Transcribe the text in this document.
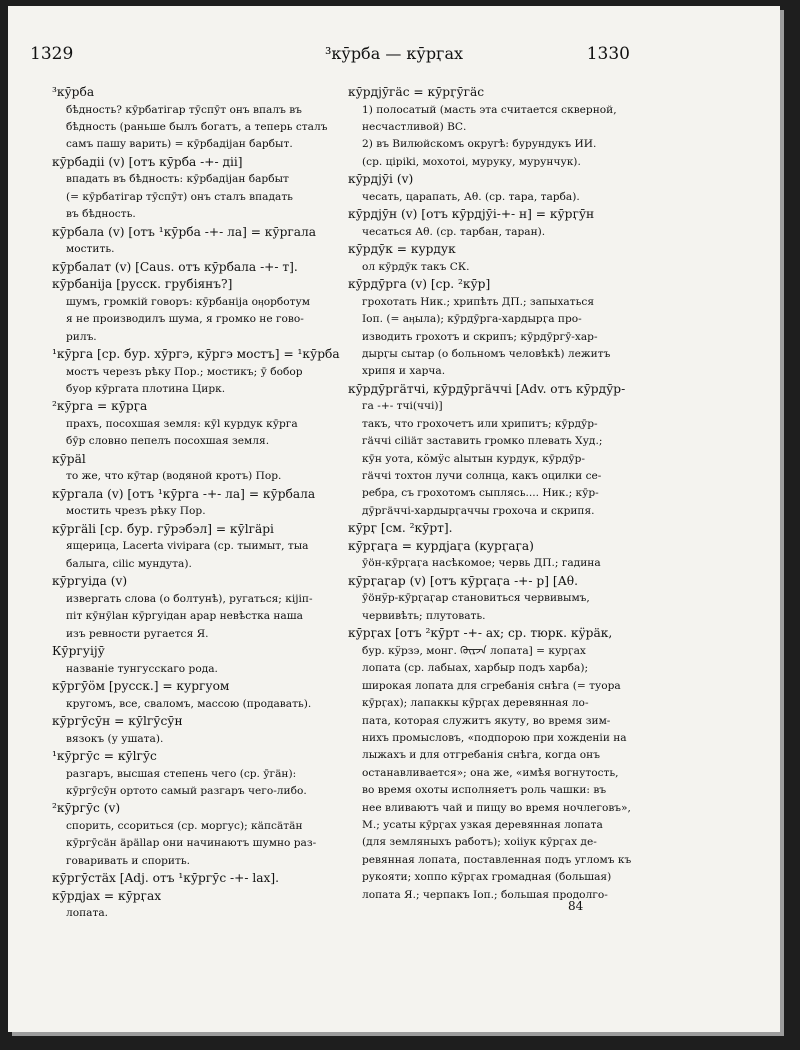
1329	³кӯрба — кӯрӷах	1330

³кӯрба

бѣдность? кӯрбатігар тӯспӯт онъ впалъ въ

бѣдность (раньше былъ богатъ, а теперь сталъ

самъ пашу варить) = кӯрбадіјан барбыт.

кӯрбадіі (v) [отъ кӯрба -+- діі]

впадать въ бѣдность: кӯрбадіјан барбыт

(= кӯрбатігар тӯспӯт) онъ сталъ впадать

въ бѣдность.

кӯрбала (v) [отъ ¹кӯрба -+- ла] = кӯргала

мостить.

кӯрбалат (v) [Caus. отъ кӯрбала -+- т].

кӯрбаніја [русск. грубіянъ?]

шумъ, громкій говоръ: кӯрбаніја оӊорботум

я не производилъ шума, я громко не гово-

рилъ.

¹кӯрга [ср. бур. хӯргэ, кӯргэ мостъ] = ¹кӯрба

мостъ черезъ рѣку Пор.; мостикъ; ӯ бобор

буор кӯргата плотина Цирк.

²кӯрга = кӯрӷа

прахъ, посохшая земля: кӯl курдук кӯрга

бӯр словно пепелъ посохшая земля.

кӯрäl

то же, что кӯтар (водяной кротъ) Пор.

кӯргала (v) [отъ ¹кӯрга -+- ла] = кӯрбала

мостить чрезъ рѣку Пор.

кӯргäli [ср. бур. гӯрэбэл] = кӯlгäрі

ящерица, Lacerta vivipara (ср. тыимыт, тыа

балыга, сіlіс мундута).

кӯргуіда (v)

извергать слова (о болтунѣ), ругаться; кіјіп-

піт кӯнӯlан кӯргуідан арар невѣстка наша

изъ ревности ругается Я.

Кӯргуіјӯ

названіе тунгусскаго рода.

кӯргӯӧм [русск.] = кургуом

кругомъ, все, сваломъ, массою (продавать).

кӯргӯсӯн = кӯlгӯсӯн

вязокъ (у ушата).

¹кӯргӯс = кӯlгӯс

разгаръ, высшая степень чего (ср. ӯгäн):

кӯргӯсӯн ортото самый разгаръ чего-либо.

²кӯргӯс (v)

спорить, ссориться (ср. моргус); кäпсäтäн

кӯргӯсäн äрällар они начинаютъ шумно раз-

говаривать и спорить.

кӯргӯстäх [Adj. отъ ¹кӯргӯс -+- lах].

кӯрдјах = кӯрӷах

лопата.

кӯрдјӯгäс = кӯрӷӯгäс

1) полосатый (масть эта считается скверной,

несчастливой) ВС.

2) въ Вилюйскомъ округѣ: бурундукъ ИИ.

(ср. ціріkі, мохотоі, муруку, мурунчук).

кӯрдјӯі (v)

чесать, царапать, Аθ. (ср. тара, тарба).

кӯрдјӯн (v) [отъ кӯрдјӯі-+- н] = кӯрӷӯн

чесаться Аθ. (ср. тарбан, таран).

кӯрдӯк = курдук

ол кӯрдӯк такъ СК.

кӯрдӯрга (v) [ср. ²кӯр]

грохотать Ник.; хрипѣть ДП.; запыхаться

Іоп. (= аӊыла); кӯрдӯрга-хардырӷа про-

изводить грохотъ и скрипъ; кӯрдӯргӯ-хар-

дырӷы сытар (о больномъ человѣкѣ) лежитъ

хрипя и харча.

кӯрдӯргäтчі, кӯрдӯргäччі [Adv. отъ кӯрдӯр-

га -+- тчі(ччі)]

такъ, что грохочетъ или хрипитъ; кӯрдӯр-

гäччі ciliäт заставить громко плевать Худ.;

кӯн уота, кӧмӱс аlытын курдук, кӯрдӯр-

гäччі тохтон лучи солнца, какъ оцилки се-

ребра, съ грохотомъ сыплясь.... Ник.; кӯр-

дӯргäччі-хардырӷаччы грохоча и скрипя.

кӯрӷ [см. ²кӯрт].

кӯрӷаӷа = курдјаӷа (курӷаӷа)

ӯöн-кӯрӷаӷа насѣкомое; червь ДП.; гадина

кӯрӷаӷар (v) [отъ кӯрӷаӷа -+- р] [Аθ.

ӯöнӱр-кӯрӷаӷар становиться червивымъ,

червивѣть; плутовать.

кӯрӷах [отъ ²кӯрт -+- ах; ср. тюрк. кӱрäк,

бур. кӱрзэ, монг. ᠬᠦᠷᠵᠡ лопата] = курӷах

лопата (ср. лабыах, харбыр подъ харба);

широкая лопата для сгребанія снѣга (= туора

кӯрӷах); лапаккы кӯрӷах деревянная ло-

пата, которая служитъ якуту, во время зим-

нихъ промысловъ, «подпорою при хожденіи на

лыжахъ и для отгребанія снѣга, когда онъ

останавливается»; она же, «имѣя вогнутость,

во время охоты исполняетъ роль чашки: въ

нее вливаютъ чай и пищу во время ночлеговъ»,

М.; усаты кӯрӷах узкая деревянная лопата

(для земляныхъ работъ); хоііук кӯрӷах де-

ревянная лопата, поставленная подъ угломъ къ

рукояти; хоппо кӯрӷах громадная (большая)

лопата Я.; черпакъ Іоп.; большая продолго-

84
